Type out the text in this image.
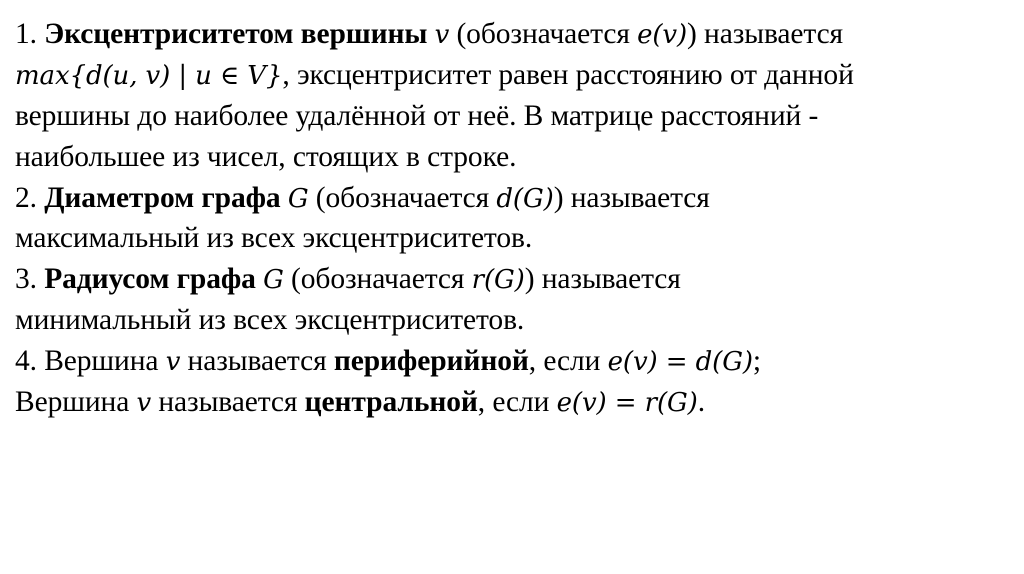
1. Эксцентриситетом вершины v (обозначается e(v)) называется
max{d(u, v) | u ∈ V}, эксцентриситет равен расстоянию от данной
вершины до наиболее удалённой от неё. В матрице расстояний -
наибольшее из чисел, стоящих в строке.
2. Диаметром графа G (обозначается d(G)) называется
максимальный из всех эксцентриситетов.
3. Радиусом графа G (обозначается r(G)) называется
минимальный из всех эксцентриситетов.
4. Вершина v называется периферийной, если e(v) = d(G);
Вершина v называется центральной, если e(v) = r(G).
